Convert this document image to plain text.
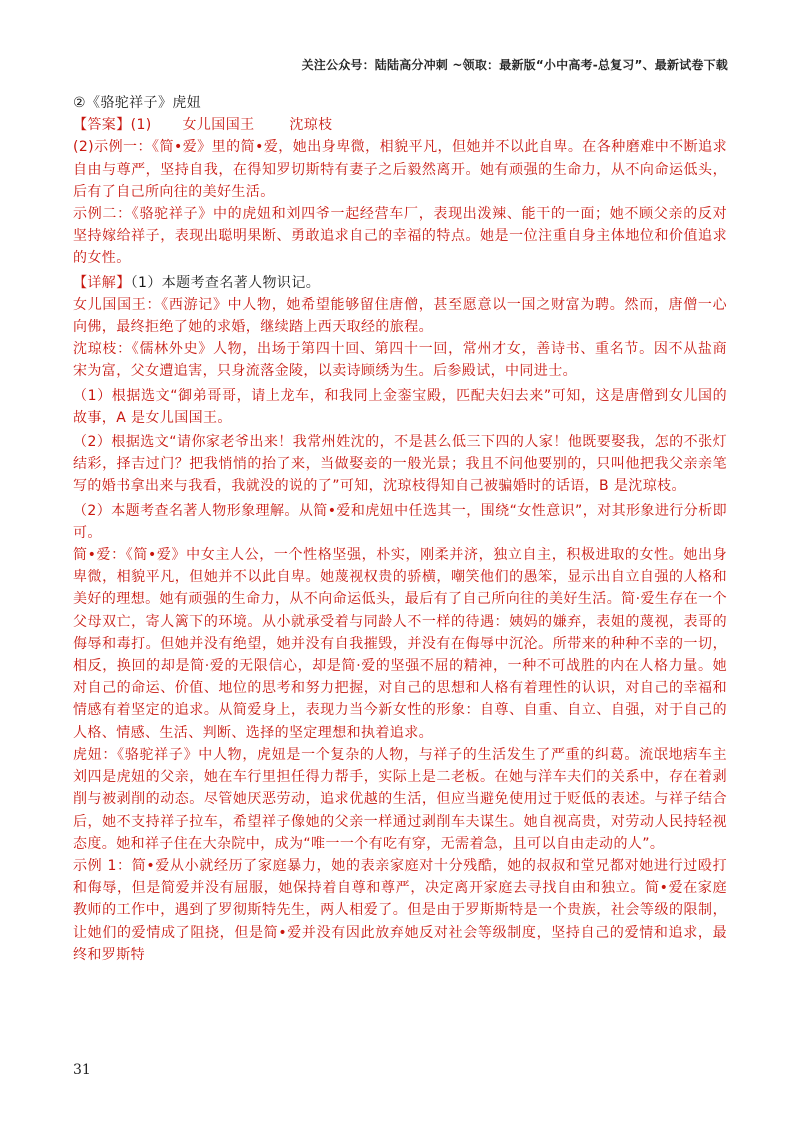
关注公众号：陆陆高分冲刺 ~领取：最新版“小中高考-总复习”、最新试卷下载

②《骆驼祥子》虎妞

【答案】(1) 女儿国国王 沈琼枝

(2)示例一：《简•爱》里的简•爱，她出身卑微，相貌平凡，但她并不以此自卑。在各种磨难中不断追求自由与尊严，坚持自我，在得知罗切斯特有妻子之后毅然离开。她有顽强的生命力，从不向命运低头，后有了自己所向往的美好生活。

示例二：《骆驼祥子》中的虎妞和刘四爷一起经营车厂，表现出泼辣、能干的一面；她不顾父亲的反对坚持嫁给祥子，表现出聪明果断、勇敢追求自己的幸福的特点。她是一位注重自身主体地位和价值追求的女性。

【详解】（1）本题考查名著人物识记。

女儿国国王：《西游记》中人物，她希望能够留住唐僧，甚至愿意以一国之财富为聘。然而，唐僧一心向佛，最终拒绝了她的求婚，继续踏上西天取经的旅程。

沈琼枝：《儒林外史》人物，出场于第四十回、第四十一回，常州才女，善诗书、重名节。因不从盐商宋为富，父女遭追害，只身流落金陵，以卖诗顾绣为生。后参殿试，中同进士。

（1）根据选文“御弟哥哥，请上龙车，和我同上金銮宝殿，匹配夫妇去来”可知，这是唐僧到女儿国的故事，A 是女儿国国王。

（2）根据选文“请你家老爷出来！我常州姓沈的，不是甚么低三下四的人家！他既要娶我，怎的不张灯结彩，择吉过门？把我悄悄的抬了来，当做娶妾的一般光景；我且不问他要别的，只叫他把我父亲亲笔写的婚书拿出来与我看，我就没的说的了”可知，沈琼枝得知自己被骗婚时的话语，B 是沈琼枝。

（2）本题考查名著人物形象理解。从简•爱和虎妞中任选其一，围绕“女性意识”，对其形象进行分析即可。

简•爱：《简•爱》中女主人公，一个性格坚强，朴实，刚柔并济，独立自主，积极进取的女性。她出身卑微，相貌平凡，但她并不以此自卑。她蔑视权贵的骄横，嘲笑他们的愚笨，显示出自立自强的人格和美好的理想。她有顽强的生命力，从不向命运低头，最后有了自己所向往的美好生活。简·爱生存在一个父母双亡，寄人篱下的环境。从小就承受着与同龄人不一样的待遇：姨妈的嫌弃，表姐的蔑视，表哥的侮辱和毒打。但她并没有绝望，她并没有自我摧毁，并没有在侮辱中沉沦。所带来的种种不幸的一切，相反，换回的却是简·爱的无限信心，却是简·爱的坚强不屈的精神，一种不可战胜的内在人格力量。她对自己的命运、价值、地位的思考和努力把握，对自己的思想和人格有着理性的认识，对自己的幸福和情感有着坚定的追求。从简爱身上，表现力当今新女性的形象：自尊、自重、自立、自强，对于自己的人格、情感、生活、判断、选择的坚定理想和执着追求。

虎妞：《骆驼祥子》中人物，虎妞是一个复杂的人物，与祥子的生活发生了严重的纠葛。流氓地痞车主刘四是虎妞的父亲，她在车行里担任得力帮手，实际上是二老板。在她与洋车夫们的关系中，存在着剥削与被剥削的动态。尽管她厌恶劳动，追求优越的生活，但应当避免使用过于贬低的表述。与祥子结合后，她不支持祥子拉车，希望祥子像她的父亲一样通过剥削车夫谋生。她自视高贵，对劳动人民持轻视态度。她和祥子住在大杂院中，成为“唯一一个有吃有穿，无需着急，且可以自由走动的人”。

示例 1：简•爱从小就经历了家庭暴力，她的表亲家庭对十分残酷，她的叔叔和堂兄都对她进行过殴打和侮辱，但是简爱并没有屈服，她保持着自尊和尊严，决定离开家庭去寻找自由和独立。简•爱在家庭教师的工作中，遇到了罗彻斯特先生，两人相爱了。但是由于罗斯斯特是一个贵族，社会等级的限制，让她们的爱情成了阻挠，但是简•爱并没有因此放弃她反对社会等级制度，坚持自己的爱情和追求，最终和罗斯特

31
